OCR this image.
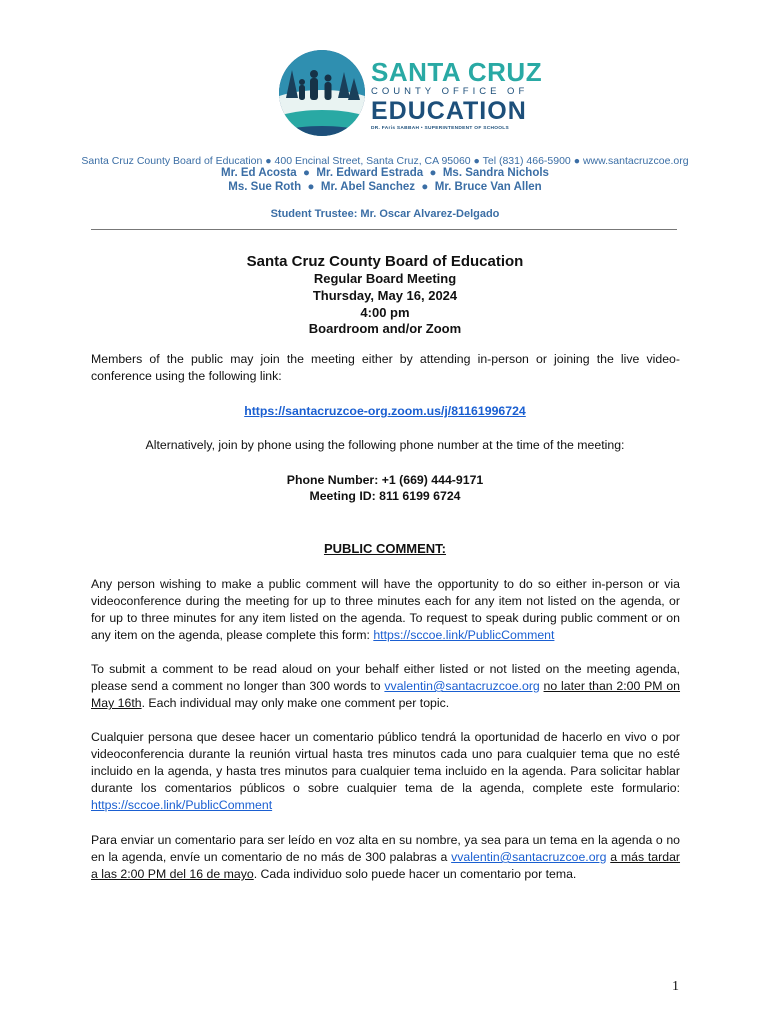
SANTA CRUZ
COUNTY OFFICE OF
EDUCATION
DR. FAris SABBAH • SUPERINTENDENT OF SCHOOLS
Santa Cruz County Board of Education ● 400 Encinal Street, Santa Cruz, CA 95060 ● Tel (831) 466-5900 ● www.santacruzcoe.org
Mr. Ed Acosta  ●  Mr. Edward Estrada  ●  Ms. Sandra Nichols
Ms. Sue Roth  ●  Mr. Abel Sanchez  ●  Mr. Bruce Van Allen
Student Trustee: Mr. Oscar Alvarez-Delgado
Santa Cruz County Board of Education
Regular Board Meeting
Thursday, May 16, 2024
4:00 pm
Boardroom and/or Zoom
Members of the public may join the meeting either by attending in-person or joining the live video-conference using the following link:
https://santacruzcoe-org.zoom.us/j/81161996724
Alternatively, join by phone using the following phone number at the time of the meeting:
Phone Number: +1 (669) 444-9171
Meeting ID: 811 6199 6724
PUBLIC COMMENT:
Any person wishing to make a public comment will have the opportunity to do so either in-person or via videoconference during the meeting for up to three minutes each for any item not listed on the agenda, or for up to three minutes for any item listed on the agenda. To request to speak during public comment or on any item on the agenda, please complete this form: https://sccoe.link/PublicComment
To submit a comment to be read aloud on your behalf either listed or not listed on the meeting agenda, please send a comment no longer than 300 words to vvalentin@santacruzcoe.org no later than 2:00 PM on May 16th. Each individual may only make one comment per topic.
Cualquier persona que desee hacer un comentario público tendrá la oportunidad de hacerlo en vivo o por videoconferencia durante la reunión virtual hasta tres minutos cada uno para cualquier tema que no esté incluido en la agenda, y hasta tres minutos para cualquier tema incluido en la agenda. Para solicitar hablar durante los comentarios públicos o sobre cualquier tema de la agenda, complete este formulario: https://sccoe.link/PublicComment
Para enviar un comentario para ser leído en voz alta en su nombre, ya sea para un tema en la agenda o no en la agenda, envíe un comentario de no más de 300 palabras a vvalentin@santacruzcoe.org a más tardar a las 2:00 PM del 16 de mayo. Cada individuo solo puede hacer un comentario por tema.
1
